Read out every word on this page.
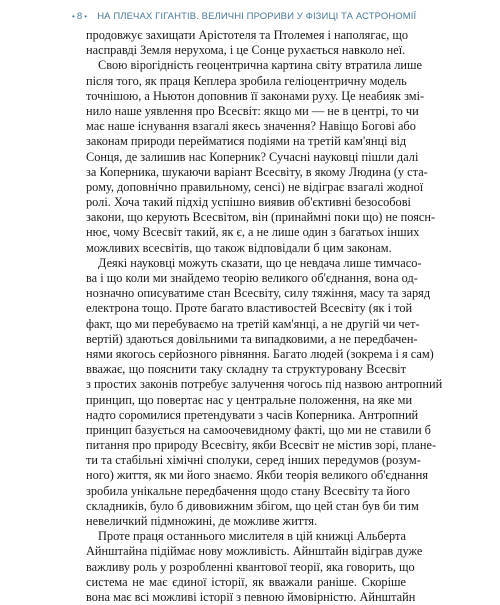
• 8 • НА ПЛЕЧАХ ГІГАНТІВ. ВЕЛИЧНІ ПРОРИВИ У ФІЗИЦІ ТА АСТРОНОМІЇ
продовжує захищати Арістотеля та Птолемея і наполягає, що
насправді Земля нерухома, і це Сонце рухається навколо неї.
Свою вірогідність геоцентрична картина світу втратила лише
після того, як праця Кеплера зробила геліоцентричну модель
точнішою, а Ньютон доповнив її законами руху. Це неабияк змі-
нило наше уявлення про Всесвіт: якщо ми — не в центрі, то чи
має наше існування взагалі якесь значення? Навіщо Богові або
законам природи перейматися подіями на третій кам'янці від
Сонця, де залишив нас Коперник? Сучасні науковці пішли далі
за Коперника, шукаючи варіант Всесвіту, в якому Людина (у ста-
рому, доповнічно правильному, сенсі) не відіграє взагалі жодної
ролі. Хоча такий підхід успішно виявив об'єктивні безособові
закони, що керують Всесвітом, він (принаймні поки що) не поясн-
нює, чому Всесвіт такий, як є, а не лише один з багатьох інших
можливих всесвітів, що також відповідали б цим законам.
Деякі науковці можуть сказати, що це невдача лише тимчасо-
ва і що коли ми знайдемо теорію великого об'єднання, вона од-
нозначно описуватиме стан Всесвіту, силу тяжіння, масу та заряд
електрона тощо. Проте багато властивостей Всесвіту (як і той
факт, що ми перебуваємо на третій кам'янці, а не другій чи чет-
вертій) здаються довільними та випадковими, а не передбачен-
нями якогось серйозного рівняння. Багато людей (зокрема і я сам)
вважає, що пояснити таку складну та структуровану Всесвіт
з простих законів потребує залучення чогось під назвою антропний
принцип, що повертає нас у центральне положення, на яке ми
надто соромилися претендувати з часів Коперника. Антропний
принцип базується на самоочевидному факті, що ми не ставили б
питання про природу Всесвіту, якби Всесвіт не містив зорі, плане-
ти та стабільні хімічні сполуки, серед інших передумов (розум-
ного) життя, як ми його знаємо. Якби теорія великого об'єднання
зробила унікальне передбачення щодо стану Всесвіту та його
складників, було б дивовижним збігом, що цей стан був би тим
невеличкий підмножині, де можливе життя.
Проте праця останнього мислителя в цій книжці Альберта
Айнштайна підіймає нову можливість. Айнштайн відіграв дуже
важливу роль у розробленні квантової теорії, яка говорить, що
система не має єдиної історії, як вважали раніше. Скоріше
вона має всі можливі історії з певною ймовірністю. Айнштайн
